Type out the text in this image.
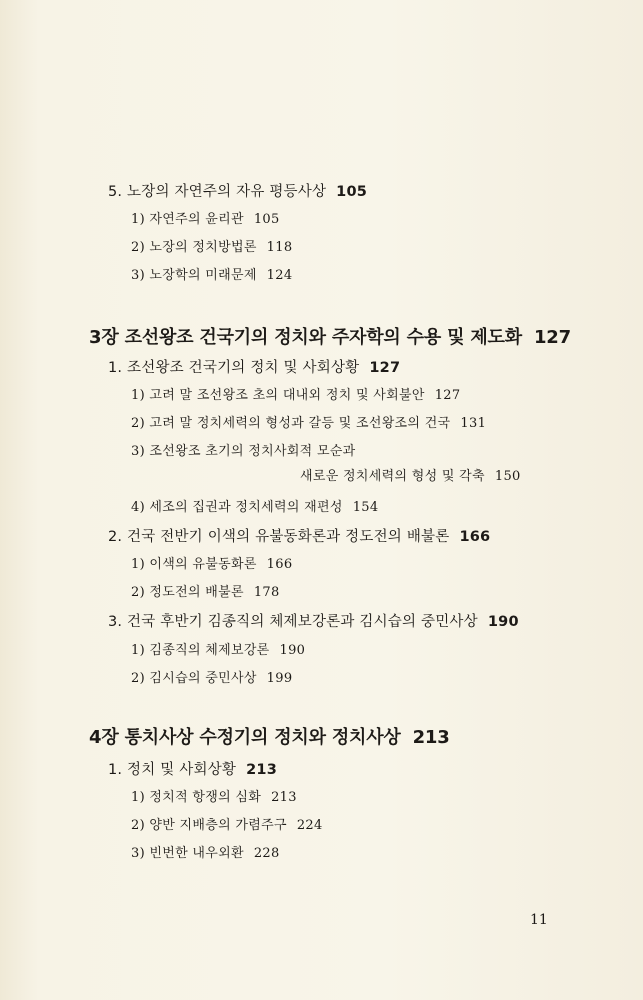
5. 노장의 자연주의 자유 평등사상 105
1) 자연주의 윤리관 105
2) 노장의 정치방법론 118
3) 노장학의 미래문제 124
3장 조선왕조 건국기의 정치와 주자학의 수용 및 제도화 127
1. 조선왕조 건국기의 정치 및 사회상황 127
1) 고려 말 조선왕조 초의 대내외 정치 및 사회불안 127
2) 고려 말 정치세력의 형성과 갈등 및 조선왕조의 건국 131
3) 조선왕조 초기의 정치사회적 모순과
새로운 정치세력의 형성 및 각축 150
4) 세조의 집권과 정치세력의 재편성 154
2. 건국 전반기 이색의 유불동화론과 정도전의 배불론 166
1) 이색의 유불동화론 166
2) 정도전의 배불론 178
3. 건국 후반기 김종직의 체제보강론과 김시습의 중민사상 190
1) 김종직의 체제보강론 190
2) 김시습의 중민사상 199
4장 통치사상 수정기의 정치와 정치사상 213
1. 정치 및 사회상황 213
1) 정치적 항쟁의 심화 213
2) 양반 지배층의 가렴주구 224
3) 빈번한 내우외환 228
11
